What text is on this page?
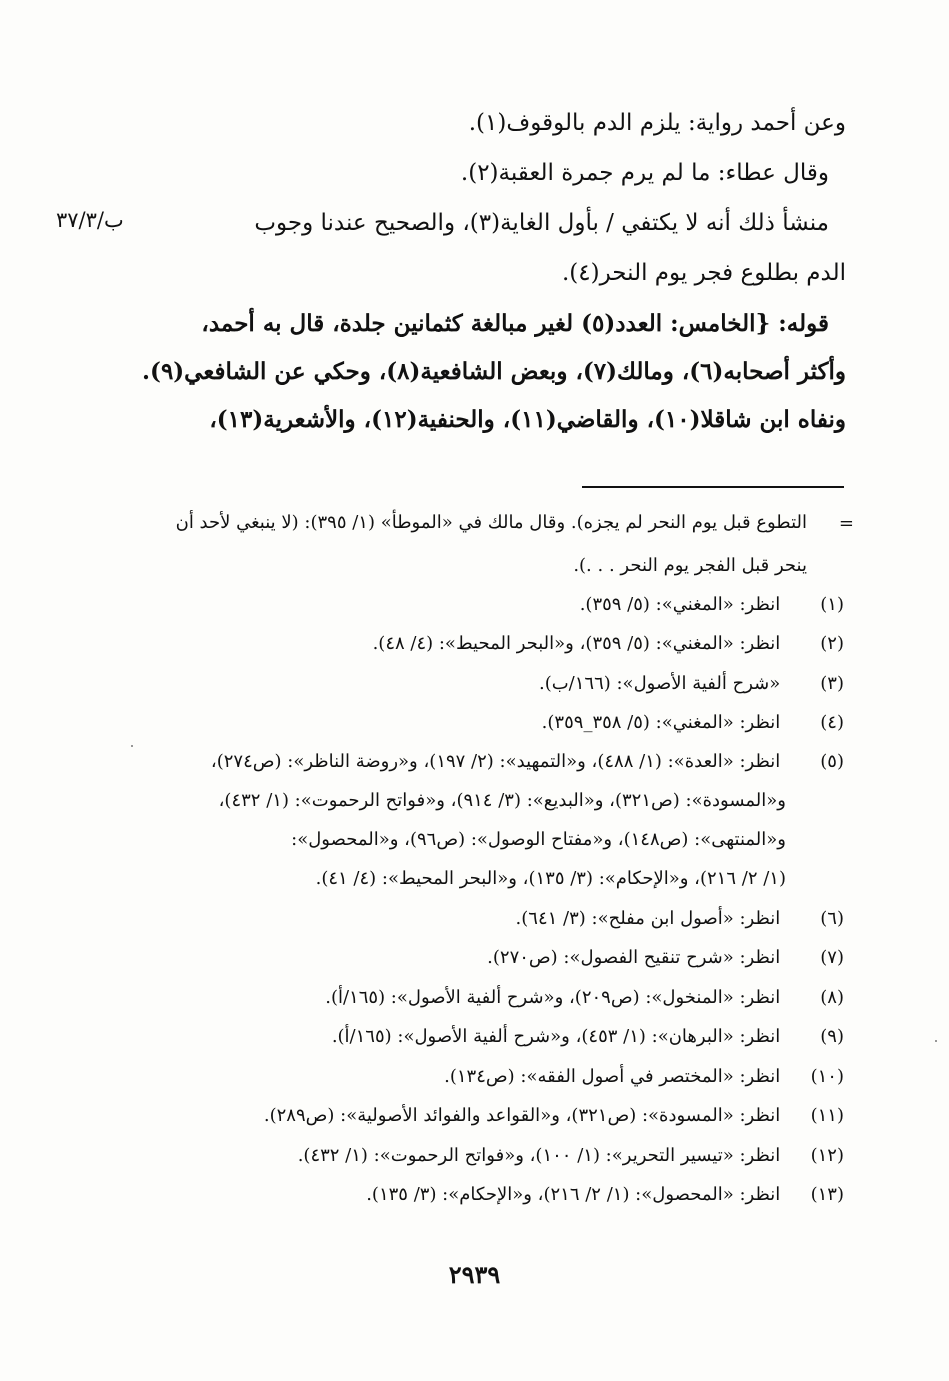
وعن أحمد رواية: يلزم الدم بالوقوف(١).
وقال عطاء: ما لم يرم جمرة العقبة(٢).
منشأ ذلك أنه لا يكتفي / بأول الغاية(٣)، والصحيح عندنا وجوب
الدم بطلوع فجر يوم النحر(٤).
قوله: {الخامس: العدد(٥) لغير مبالغة كثمانين جلدة، قال به أحمد،
وأكثر أصحابه(٦)، ومالك(٧)، وبعض الشافعية(٨)، وحكي عن الشافعي(٩).
ونفاه ابن شاقلا(١٠)، والقاضي(١١)، والحنفية(١٢)، والأشعرية(١٣)،
ب/٣٧/٣
=
التطوع قبل يوم النحر لم يجزه). وقال مالك في «الموطأ» (١/ ٣٩٥): (لا ينبغي لأحد أن
ينحر قبل الفجر يوم النحر . . .).
(١) انظر: «المغني»: (٥/ ٣٥٩).
(٢) انظر: «المغني»: (٥/ ٣٥٩)، و«البحر المحيط»: (٤/ ٤٨).
(٣) «شرح ألفية الأصول»: (١٦٦/ب).
(٤) انظر: «المغني»: (٥/ ٣٥٨_٣٥٩).
(٥) انظر: «العدة»: (١/ ٤٨٨)، و«التمهيد»: (٢/ ١٩٧)، و«روضة الناظر»: (ص٢٧٤)،
و«المسودة»: (ص٣٢١)، و«البديع»: (٣/ ٩١٤)، و«فواتح الرحموت»: (١/ ٤٣٢)،
و«المنتهى»: (ص١٤٨)، و«مفتاح الوصول»: (ص٩٦)، و«المحصول»:
(١/ ٢/ ٢١٦)، و«الإحكام»: (٣/ ١٣٥)، و«البحر المحيط»: (٤/ ٤١).
(٦) انظر: «أصول ابن مفلح»: (٣/ ٦٤١).
(٧) انظر: «شرح تنقيح الفصول»: (ص٢٧٠).
(٨) انظر: «المنخول»: (ص٢٠٩)، و«شرح ألفية الأصول»: (١٦٥/أ).
(٩) انظر: «البرهان»: (١/ ٤٥٣)، و«شرح ألفية الأصول»: (١٦٥/أ).
(١٠) انظر: «المختصر في أصول الفقه»: (ص١٣٤).
(١١) انظر: «المسودة»: (ص٣٢١)، و«القواعد والفوائد الأصولية»: (ص٢٨٩).
(١٢) انظر: «تيسير التحرير»: (١/ ١٠٠)، و«فواتح الرحموت»: (١/ ٤٣٢).
(١٣) انظر: «المحصول»: (١/ ٢/ ٢١٦)، و«الإحكام»: (٣/ ١٣٥).
٢٩٣٩
